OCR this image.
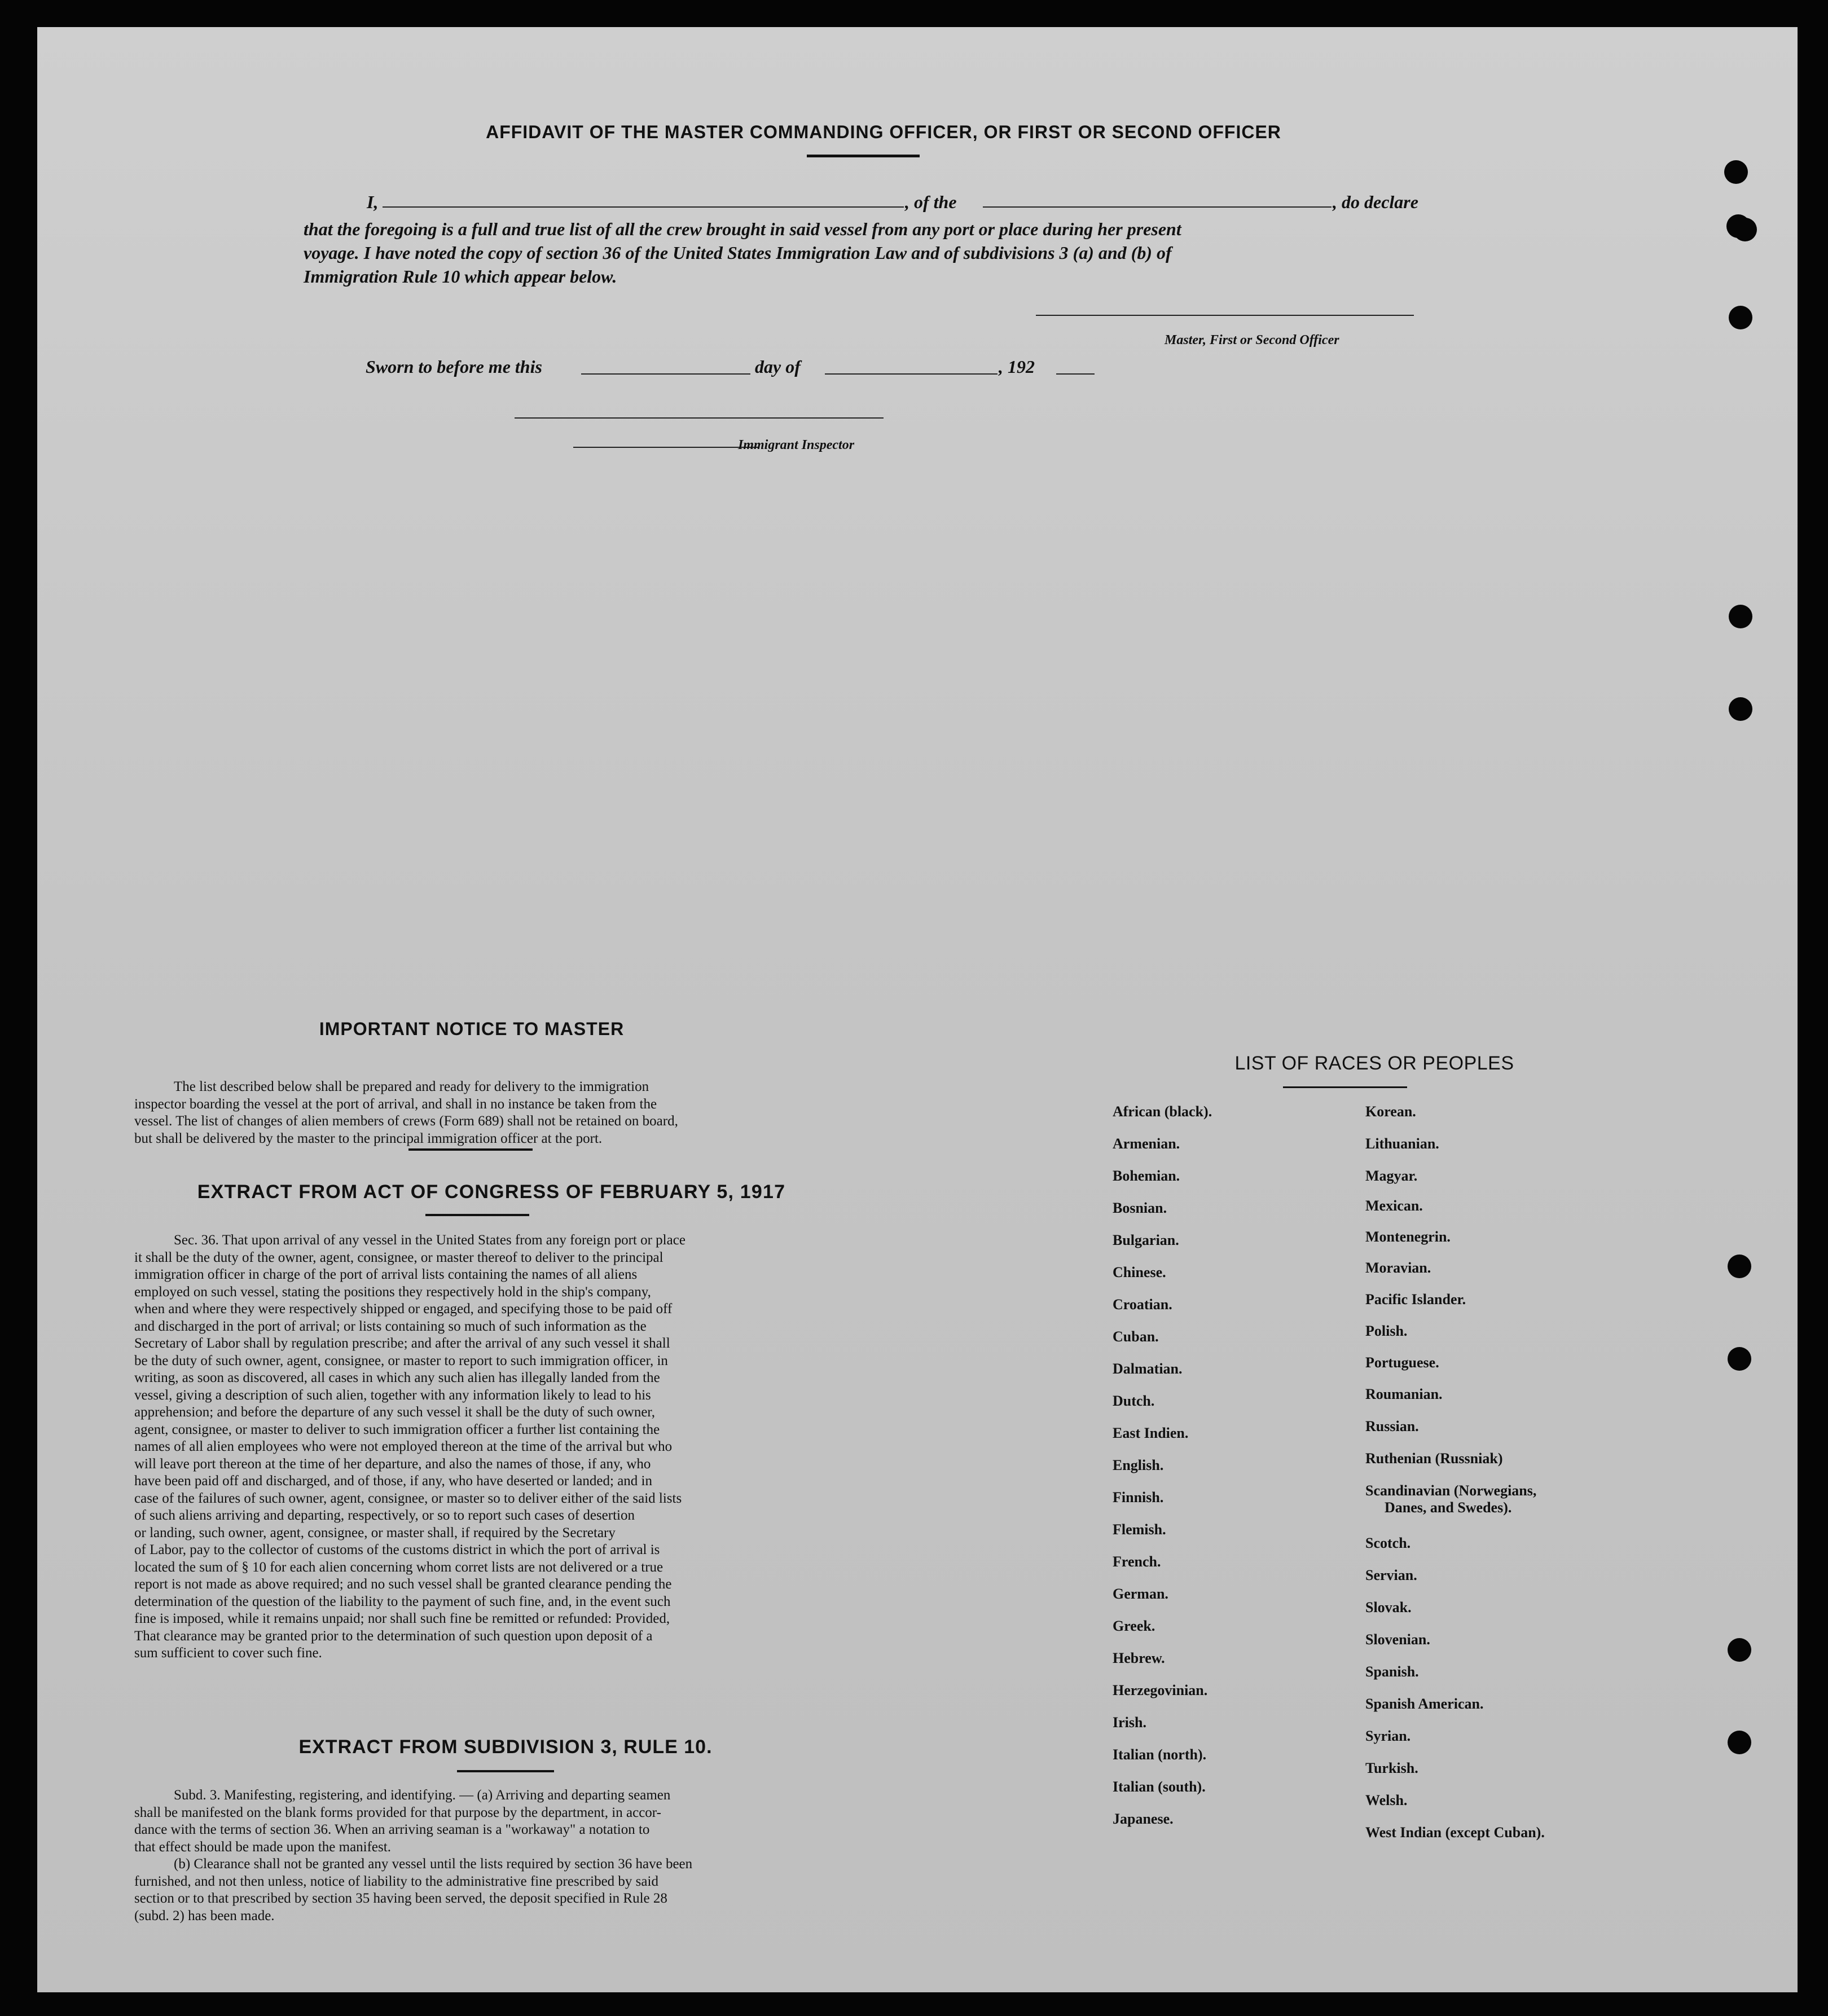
AFFIDAVIT OF THE MASTER COMMANDING OFFICER, OR FIRST OR SECOND OFFICER
I,	, of the	, do declare
that the foregoing is a full and true list of all the crew brought in said vessel from any port or place during her present
voyage. I have noted the copy of section 36 of the United States Immigration Law and of subdivisions 3 (a) and (b) of
Immigration Rule 10 which appear below.
Master, First or Second Officer
Sworn to before me this	day of	, 192
Immigrant Inspector
IMPORTANT NOTICE TO MASTER
The list described below shall be prepared and ready for delivery to the immigration
inspector boarding the vessel at the port of arrival, and shall in no instance be taken from the
vessel. The list of changes of alien members of crews (Form 689) shall not be retained on board,
but shall be delivered by the master to the principal immigration officer at the port.
EXTRACT FROM ACT OF CONGRESS OF FEBRUARY 5, 1917
Sec. 36. That upon arrival of any vessel in the United States from any foreign port or place
it shall be the duty of the owner, agent, consignee, or master thereof to deliver to the principal
immigration officer in charge of the port of arrival lists containing the names of all aliens
employed on such vessel, stating the positions they respectively hold in the ship's company,
when and where they were respectively shipped or engaged, and specifying those to be paid off
and discharged in the port of arrival; or lists containing so much of such information as the
Secretary of Labor shall by regulation prescribe; and after the arrival of any such vessel it shall
be the duty of such owner, agent, consignee, or master to report to such immigration officer, in
writing, as soon as discovered, all cases in which any such alien has illegally landed from the
vessel, giving a description of such alien, together with any information likely to lead to his
apprehension; and before the departure of any such vessel it shall be the duty of such owner,
agent, consignee, or master to deliver to such immigration officer a further list containing the
names of all alien employees who were not employed thereon at the time of the arrival but who
will leave port thereon at the time of her departure, and also the names of those, if any, who
have been paid off and discharged, and of those, if any, who have deserted or landed; and in
case of the failures of such owner, agent, consignee, or master so to deliver either of the said lists
of such aliens arriving and departing, respectively, or so to report such cases of desertion
or landing, such owner, agent, consignee, or master shall, if required by the Secretary
of Labor, pay to the collector of customs of the customs district in which the port of arrival is
located the sum of § 10 for each alien concerning whom corret lists are not delivered or a true
report is not made as above required; and no such vessel shall be granted clearance pending the
determination of the question of the liability to the payment of such fine, and, in the event such
fine is imposed, while it remains unpaid; nor shall such fine be remitted or refunded: Provided,
That clearance may be granted prior to the determination of such question upon deposit of a
sum sufficient to cover such fine.
EXTRACT FROM SUBDIVISION 3, RULE 10.
Subd. 3. Manifesting, registering, and identifying. — (a) Arriving and departing seamen
shall be manifested on the blank forms provided for that purpose by the department, in accor-
dance with the terms of section 36. When an arriving seaman is a "workaway" a notation to
that effect should be made upon the manifest.
(b) Clearance shall not be granted any vessel until the lists required by section 36 have been
furnished, and not then unless, notice of liability to the administrative fine prescribed by said
section or to that prescribed by section 35 having been served, the deposit specified in Rule 28
(subd. 2) has been made.
LIST OF RACES OR PEOPLES
African (black).
Armenian.
Bohemian.
Bosnian.
Bulgarian.
Chinese.
Croatian.
Cuban.
Dalmatian.
Dutch.
East Indien.
English.
Finnish.
Flemish.
French.
German.
Greek.
Hebrew.
Herzegovinian.
Irish.
Italian (north).
Italian (south).
Japanese.
Korean.
Lithuanian.
Magyar.
Mexican.
Montenegrin.
Moravian.
Pacific Islander.
Polish.
Portuguese.
Roumanian.
Russian.
Ruthenian (Russniak)
Scandinavian (Norwegians,
Danes, and Swedes).
Scotch.
Servian.
Slovak.
Slovenian.
Spanish.
Spanish American.
Syrian.
Turkish.
Welsh.
West Indian (except Cuban).
